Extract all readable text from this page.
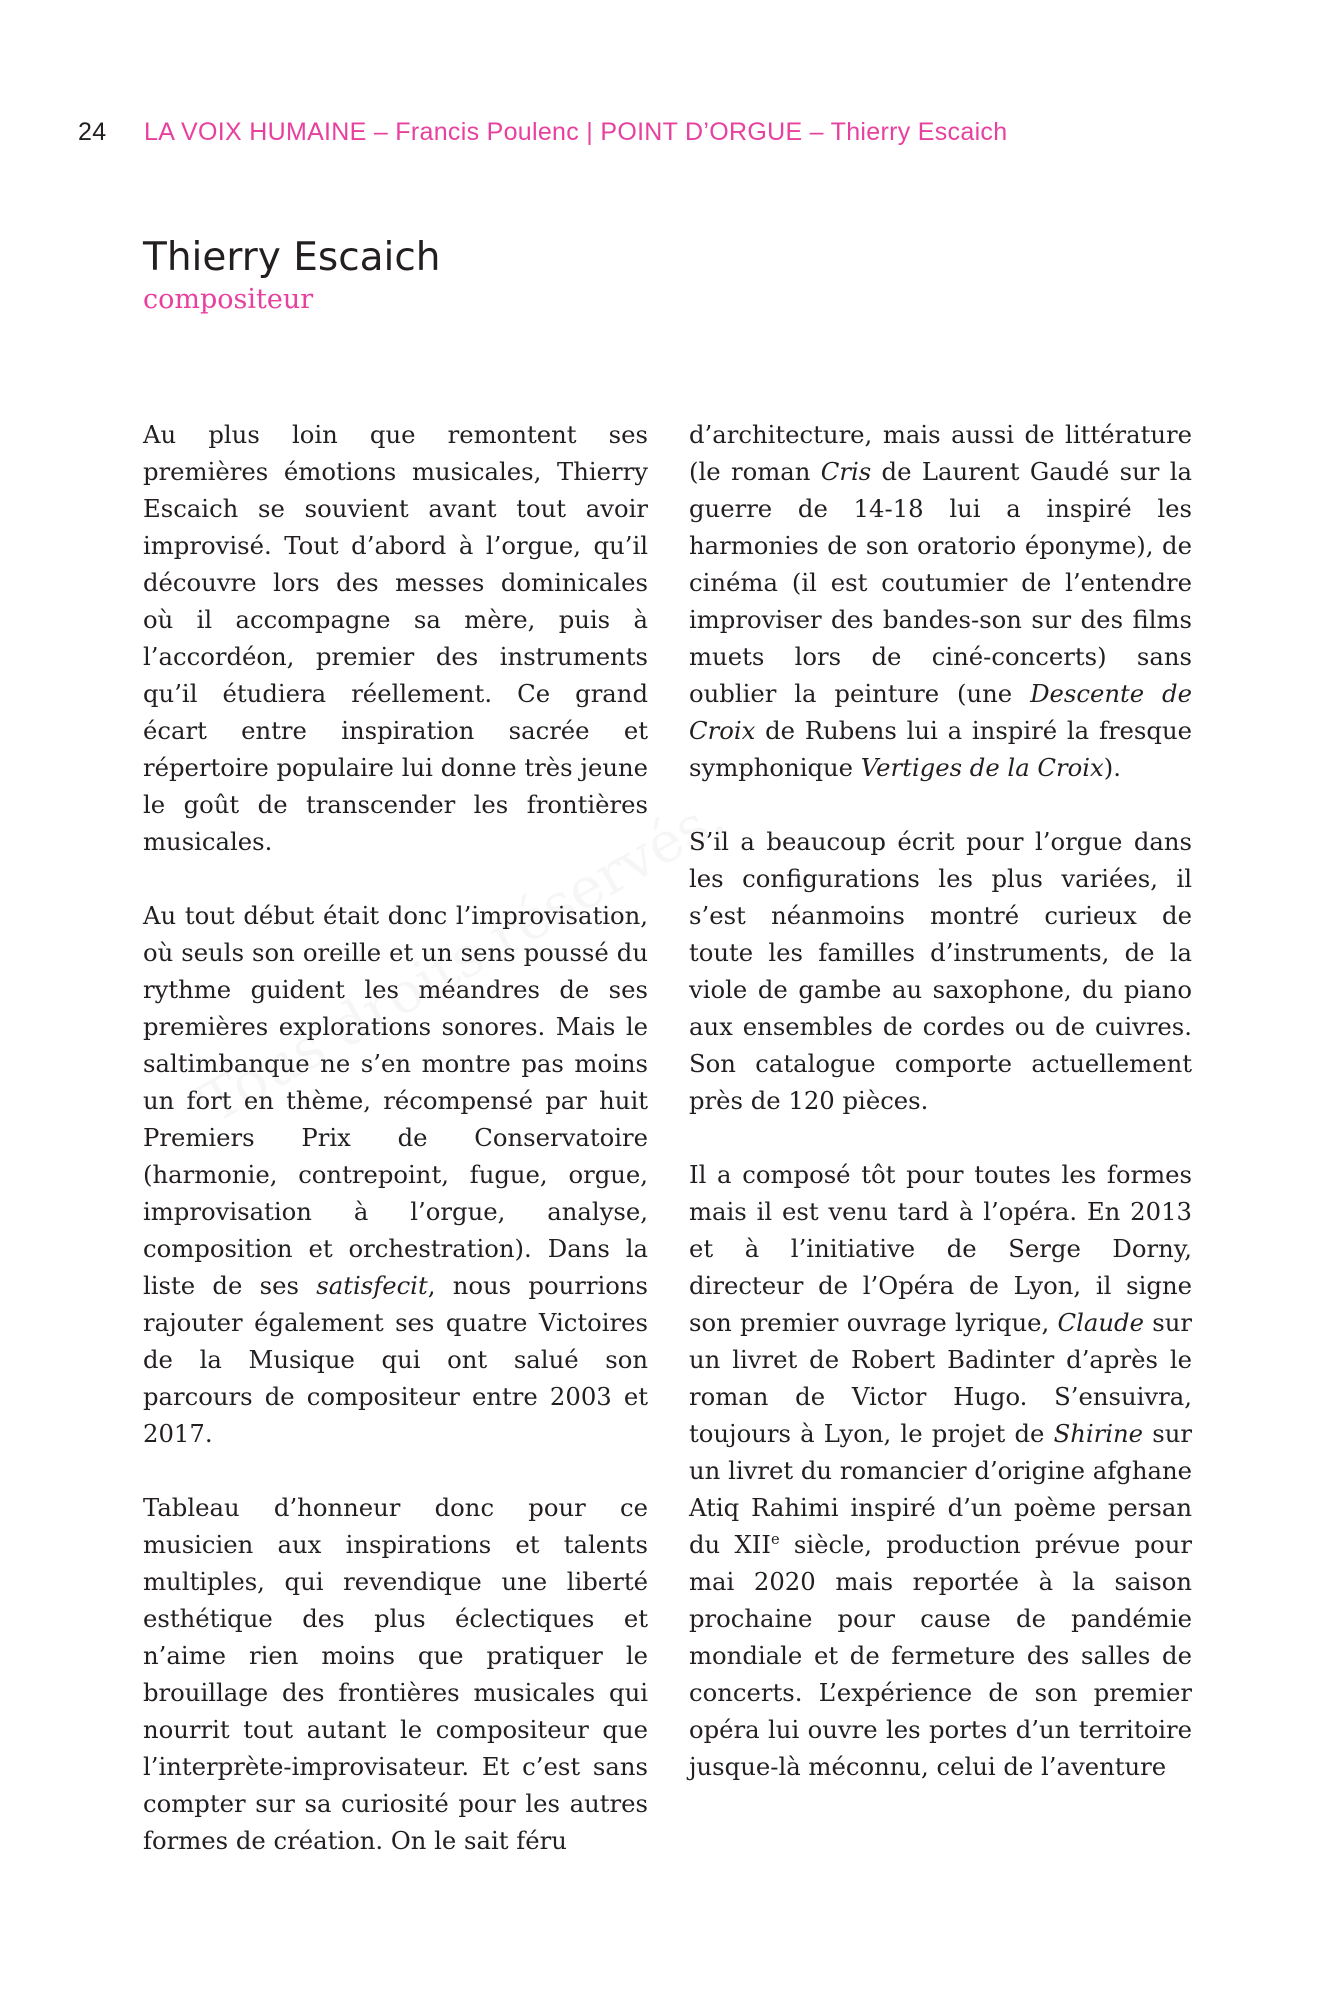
24 LA VOIX HUMAINE – Francis Poulenc | POINT D’ORGUE – Thierry Escaich
Thierry Escaich
compositeur

Au plus loin que remontent ses premières émotions musicales, Thierry Escaich se souvient avant tout avoir improvisé. Tout d’abord à l’orgue, qu’il découvre lors des messes dominicales où il accompagne sa mère, puis à l’accordéon, premier des instruments qu’il étudiera réellement. Ce grand écart entre inspiration sacrée et répertoire populaire lui donne très jeune le goût de transcender les frontières musicales.

Au tout début était donc l’improvisation, où seuls son oreille et un sens poussé du rythme guident les méandres de ses premières explorations sonores. Mais le saltimbanque ne s’en montre pas moins un fort en thème, récompensé par huit Premiers Prix de Conservatoire (harmonie, contrepoint, fugue, orgue, improvisation à l’orgue, analyse, composition et orchestration). Dans la liste de ses satisfecit, nous pourrions rajouter également ses quatre Victoires de la Musique qui ont salué son parcours de compositeur entre 2003 et 2017.

Tableau d’honneur donc pour ce musicien aux inspirations et talents multiples, qui revendique une liberté esthétique des plus éclectiques et n’aime rien moins que pratiquer le brouillage des frontières musicales qui nourrit tout autant le compositeur que l’interprète-improvisateur. Et c’est sans compter sur sa curiosité pour les autres formes de création. On le sait féru

d’architecture, mais aussi de littérature (le roman Cris de Laurent Gaudé sur la guerre de 14-18 lui a inspiré les harmonies de son oratorio éponyme), de cinéma (il est coutumier de l’entendre improviser des bandes-son sur des films muets lors de ciné-concerts) sans oublier la peinture (une Descente de Croix de Rubens lui a inspiré la fresque symphonique Vertiges de la Croix).

S’il a beaucoup écrit pour l’orgue dans les configurations les plus variées, il s’est néanmoins montré curieux de toute les familles d’instruments, de la viole de gambe au saxophone, du piano aux ensembles de cordes ou de cuivres. Son catalogue comporte actuellement près de 120 pièces.

Il a composé tôt pour toutes les formes mais il est venu tard à l’opéra. En 2013 et à l’initiative de Serge Dorny, directeur de l’Opéra de Lyon, il signe son premier ouvrage lyrique, Claude sur un livret de Robert Badinter d’après le roman de Victor Hugo. S’ensuivra, toujours à Lyon, le projet de Shirine sur un livret du romancier d’origine afghane Atiq Rahimi inspiré d’un poème persan du XIIe siècle, production prévue pour mai 2020 mais reportée à la saison prochaine pour cause de pandémie mondiale et de fermeture des salles de concerts. L’expérience de son premier opéra lui ouvre les portes d’un territoire jusque-là méconnu, celui de l’aventure
